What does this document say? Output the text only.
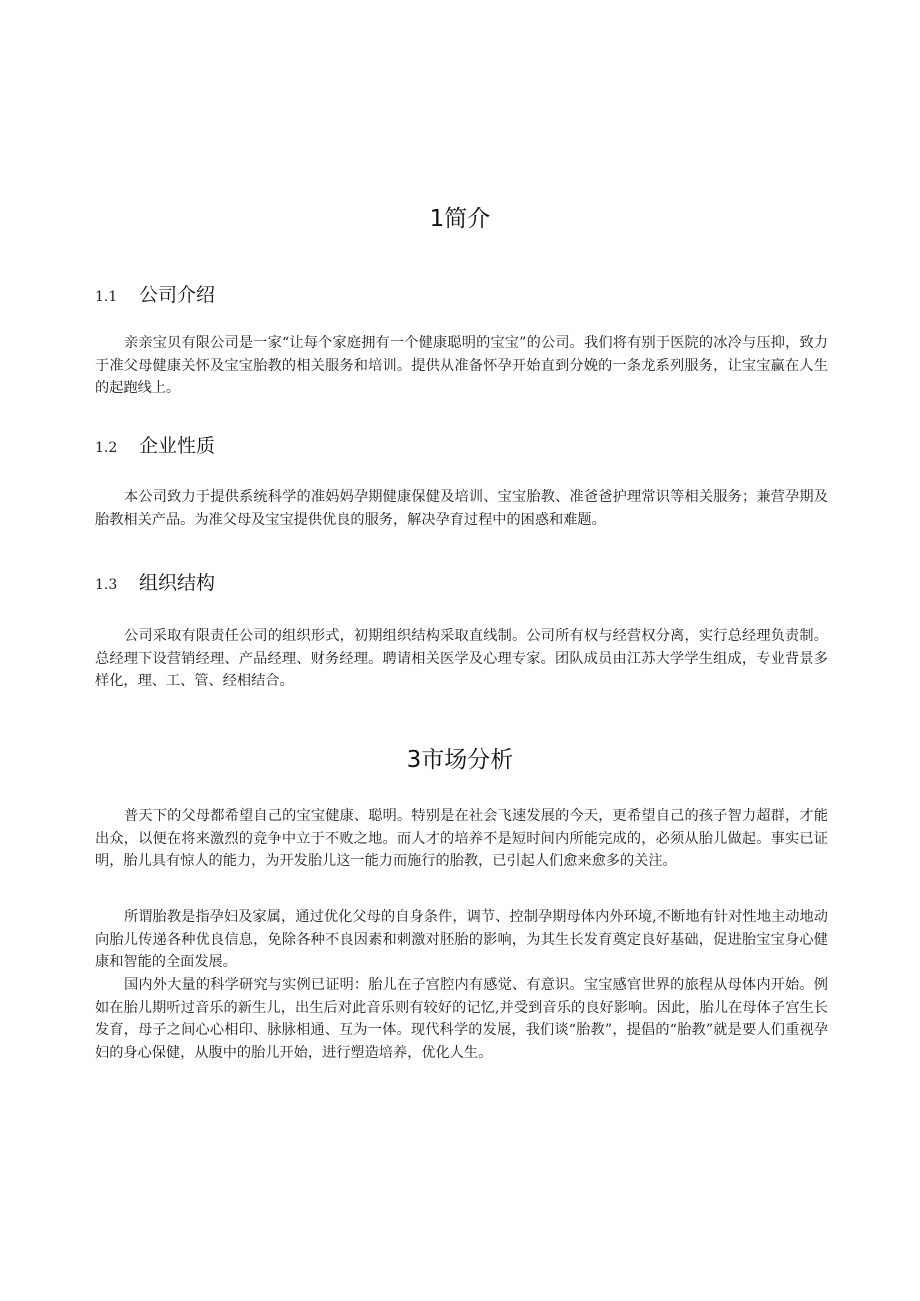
1简介
1.1	公司介绍

亲亲宝贝有限公司是一家“让每个家庭拥有一个健康聪明的宝宝”的公司。我们将有别于医院的冰冷与压抑，致力于准父母健康关怀及宝宝胎教的相关服务和培训。提供从准备怀孕开始直到分娩的一条龙系列服务，让宝宝赢在人生的起跑线上。

1.2	企业性质

本公司致力于提供系统科学的准妈妈孕期健康保健及培训、宝宝胎教、准爸爸护理常识等相关服务；兼营孕期及胎教相关产品。为准父母及宝宝提供优良的服务，解决孕育过程中的困惑和难题。

1.3	组织结构

公司采取有限责任公司的组织形式，初期组织结构采取直线制。公司所有权与经营权分离，实行总经理负责制。总经理下设营销经理、产品经理、财务经理。聘请相关医学及心理专家。团队成员由江苏大学学生组成，专业背景多样化，理、工、管、经相结合。

3市场分析

普天下的父母都希望自己的宝宝健康、聪明。特别是在社会飞速发展的今天，更希望自己的孩子智力超群，才能出众，以便在将来激烈的竞争中立于不败之地。而人才的培养不是短时间内所能完成的，必须从胎儿做起。事实已证明，胎儿具有惊人的能力，为开发胎儿这一能力而施行的胎教，已引起人们愈来愈多的关注。

所谓胎教是指孕妇及家属，通过优化父母的自身条件，调节、控制孕期母体内外环境,不断地有针对性地主动地动向胎儿传递各种优良信息，免除各种不良因素和刺激对胚胎的影响，为其生长发育奠定良好基础，促进胎宝宝身心健康和智能的全面发展。

国内外大量的科学研究与实例已证明：胎儿在子宫腔内有感觉、有意识。宝宝感官世界的旅程从母体内开始。例如在胎儿期听过音乐的新生儿，出生后对此音乐则有较好的记忆,并受到音乐的良好影响。因此，胎儿在母体子宫生长发育，母子之间心心相印、脉脉相通、互为一体。现代科学的发展，我们谈“胎教”，提倡的“胎教”就是要人们重视孕妇的身心保健，从腹中的胎儿开始，进行塑造培养，优化人生。
